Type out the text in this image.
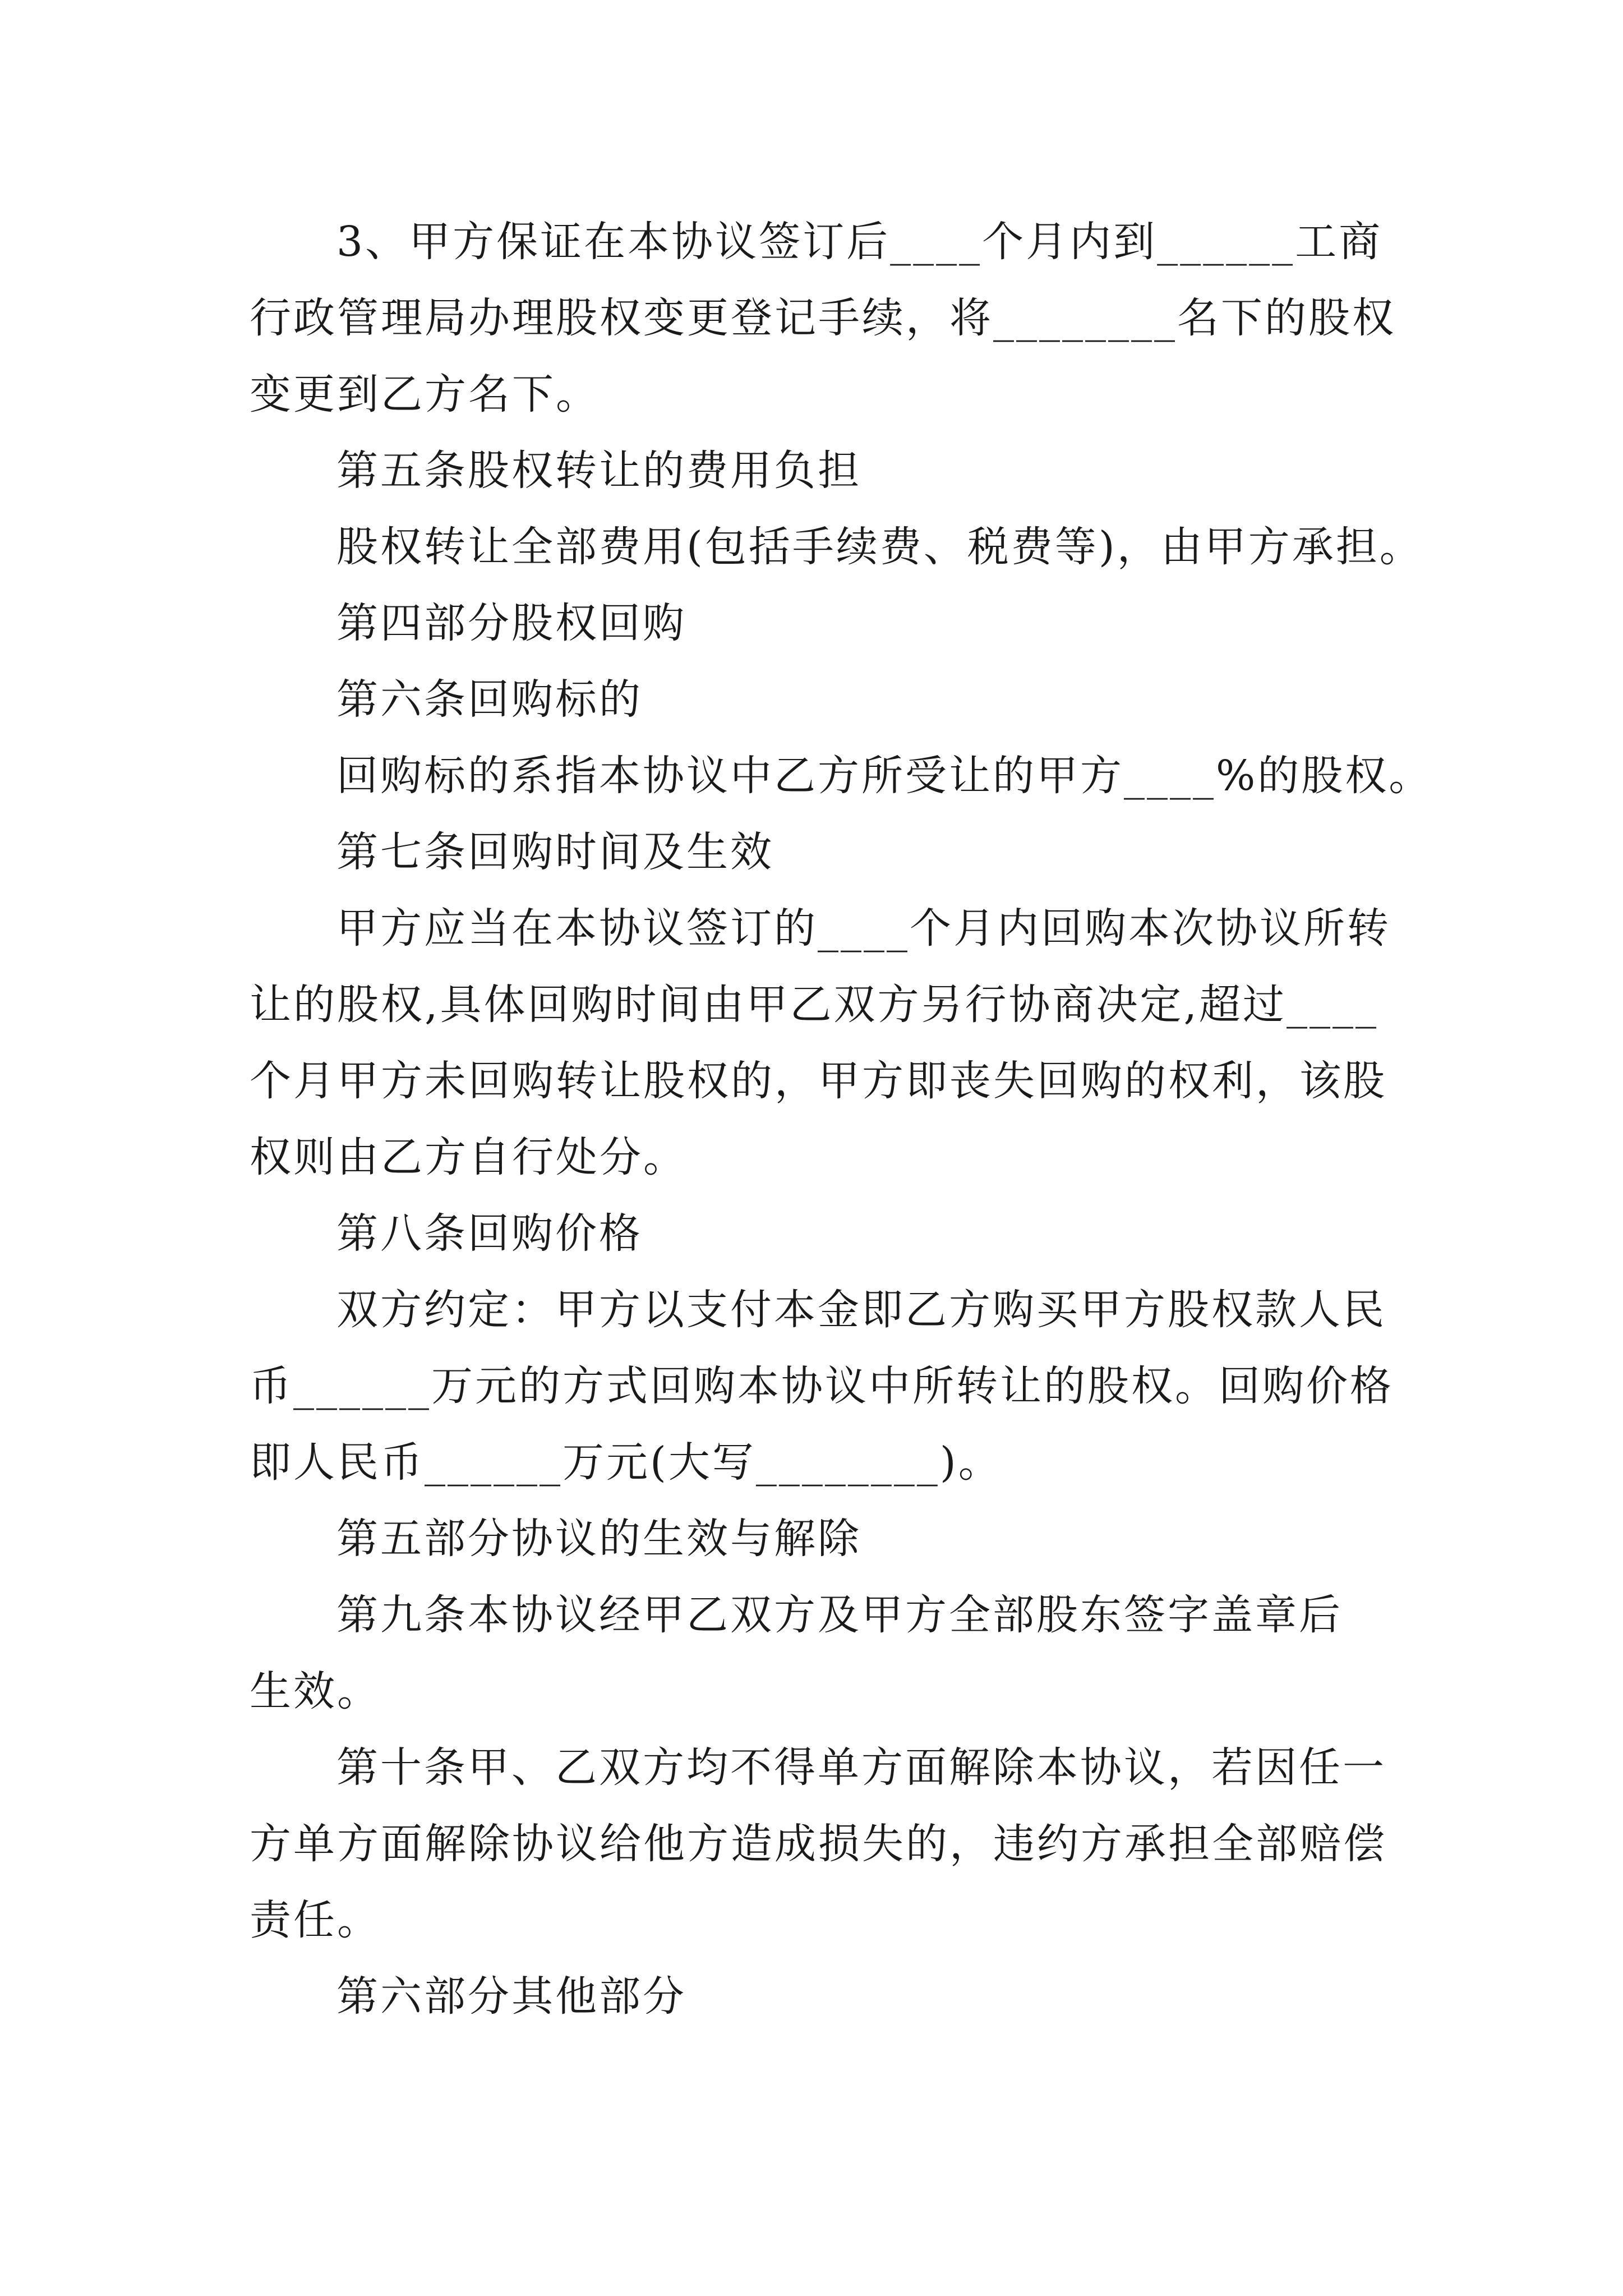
3、甲方保证在本协议签订后____个月内到______工商

行政管理局办理股权变更登记手续，将________名下的股权

变更到乙方名下。

第五条股权转让的费用负担

股权转让全部费用(包括手续费、税费等)，由甲方承担。

第四部分股权回购

第六条回购标的

回购标的系指本协议中乙方所受让的甲方____%的股权。

第七条回购时间及生效

甲方应当在本协议签订的____个月内回购本次协议所转

让的股权,具体回购时间由甲乙双方另行协商决定,超过____

个月甲方未回购转让股权的，甲方即丧失回购的权利，该股

权则由乙方自行处分。

第八条回购价格

双方约定：甲方以支付本金即乙方购买甲方股权款人民

币______万元的方式回购本协议中所转让的股权。回购价格

即人民币______万元(大写________)。

第五部分协议的生效与解除

第九条本协议经甲乙双方及甲方全部股东签字盖章后

生效。

第十条甲、乙双方均不得单方面解除本协议，若因任一

方单方面解除协议给他方造成损失的，违约方承担全部赔偿

责任。

第六部分其他部分
